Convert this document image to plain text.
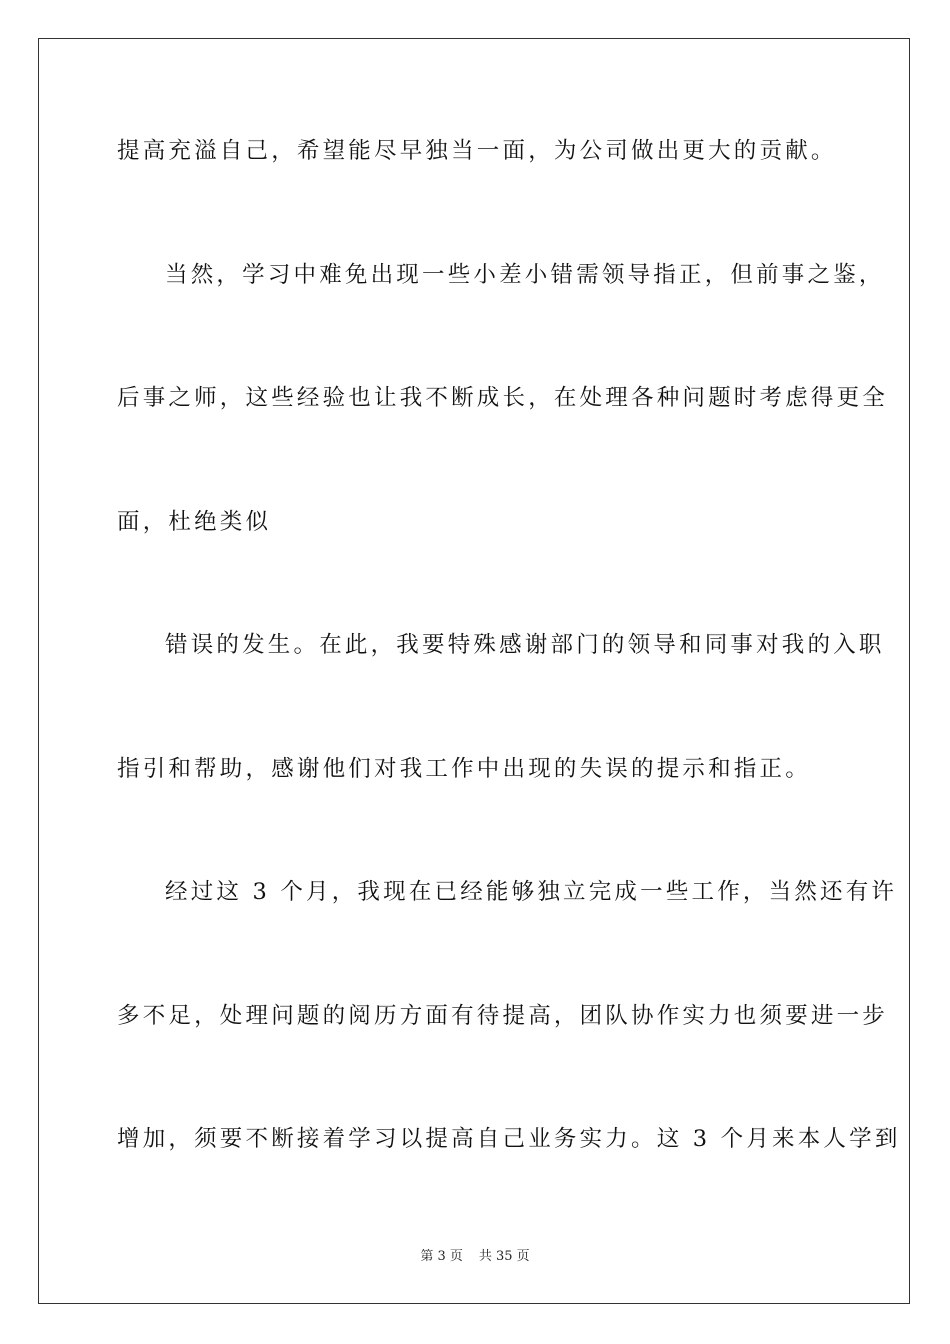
提高充溢自己，希望能尽早独当一面，为公司做出更大的贡献。
当然，学习中难免出现一些小差小错需领导指正，但前事之鉴，
后事之师，这些经验也让我不断成长，在处理各种问题时考虑得更全
面，杜绝类似
错误的发生。在此，我要特殊感谢部门的领导和同事对我的入职
指引和帮助，感谢他们对我工作中出现的失误的提示和指正。
经过这 3 个月，我现在已经能够独立完成一些工作，当然还有许
多不足，处理问题的阅历方面有待提高，团队协作实力也须要进一步
增加，须要不断接着学习以提高自己业务实力。这 3 个月来本人学到
第 3 页 共 35 页
